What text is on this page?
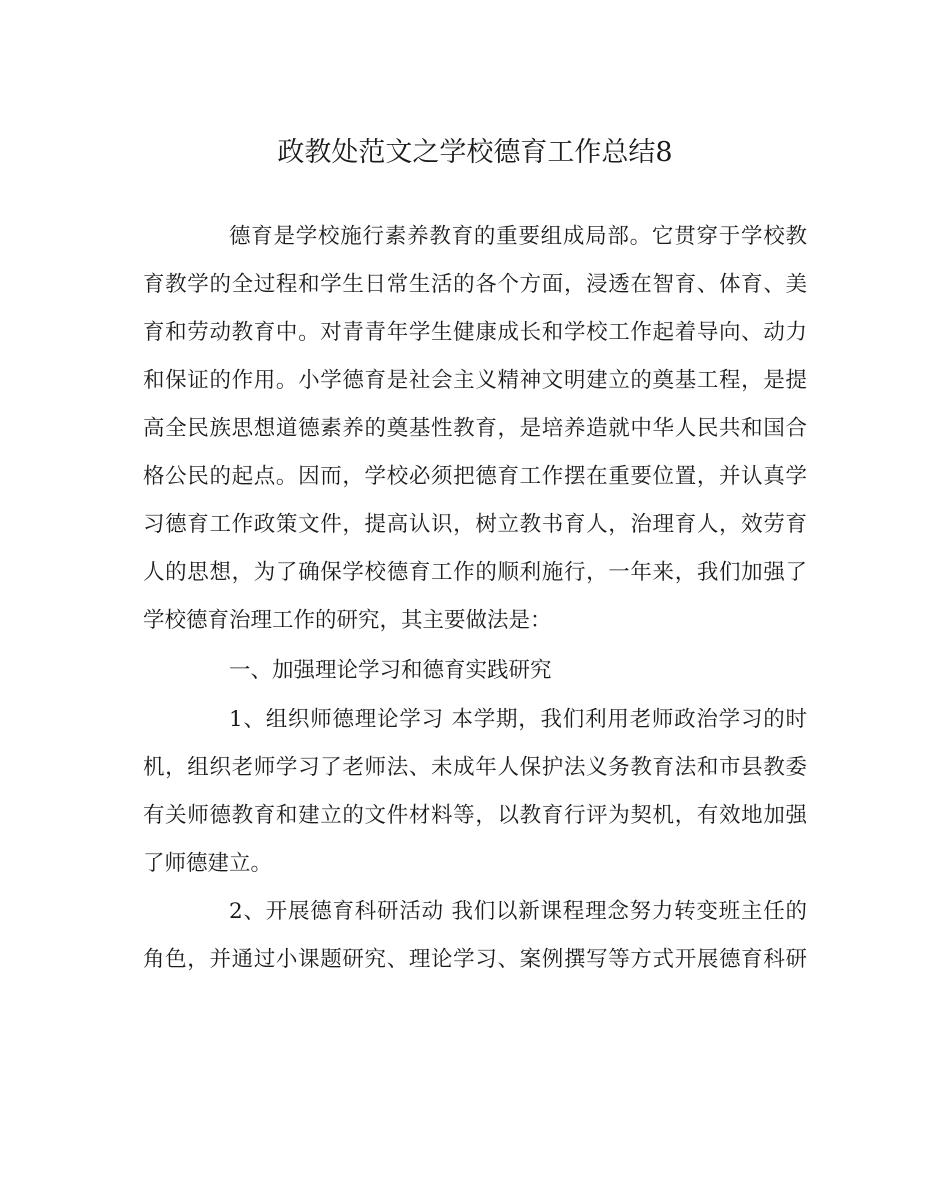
政教处范文之学校德育工作总结8

德育是学校施行素养教育的重要组成局部。它贯穿于学校教

育教学的全过程和学生日常生活的各个方面，浸透在智育、体育、美

育和劳动教育中。对青青年学生健康成长和学校工作起着导向、动力

和保证的作用。小学德育是社会主义精神文明建立的奠基工程，是提

高全民族思想道德素养的奠基性教育，是培养造就中华人民共和国合

格公民的起点。因而，学校必须把德育工作摆在重要位置，并认真学

习德育工作政策文件，提高认识，树立教书育人，治理育人，效劳育

人的思想，为了确保学校德育工作的顺利施行，一年来，我们加强了

学校德育治理工作的研究，其主要做法是：

一、加强理论学习和德育实践研究

1、组织师德理论学习 本学期，我们利用老师政治学习的时

机，组织老师学习了老师法、未成年人保护法义务教育法和市县教委

有关师德教育和建立的文件材料等，以教育行评为契机，有效地加强

了师德建立。

2、开展德育科研活动 我们以新课程理念努力转变班主任的

角色，并通过小课题研究、理论学习、案例撰写等方式开展德育科研
